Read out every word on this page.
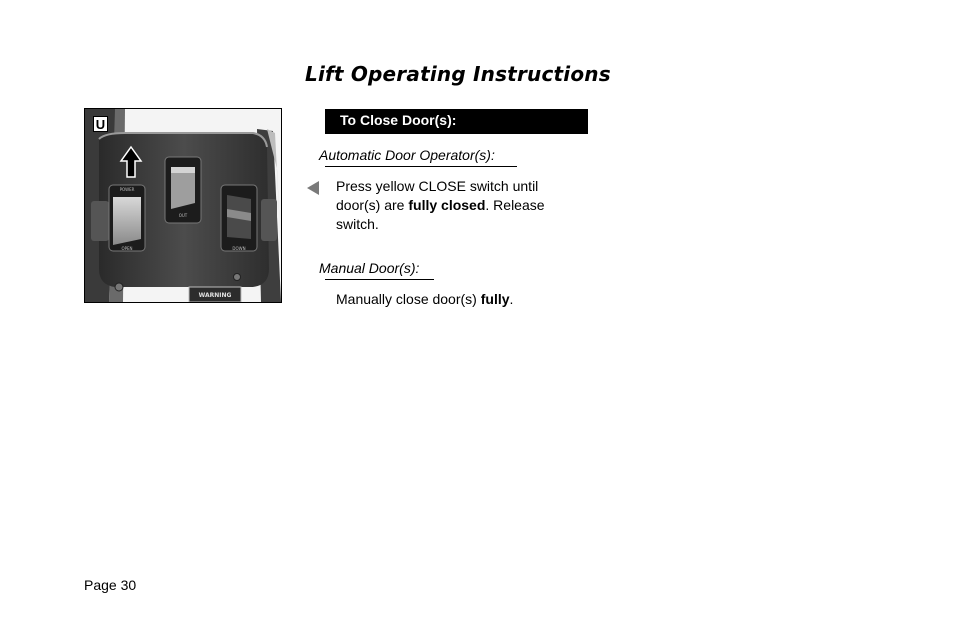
Lift Operating Instructions
POWER
OPEN
OUT
DOWN
WARNING
U	To Close Door(s):
Automatic Door Operator(s):
Press yellow CLOSE switch until door(s) are fully closed. Release switch.
Manual Door(s):
Manually close door(s) fully.
Page 30
